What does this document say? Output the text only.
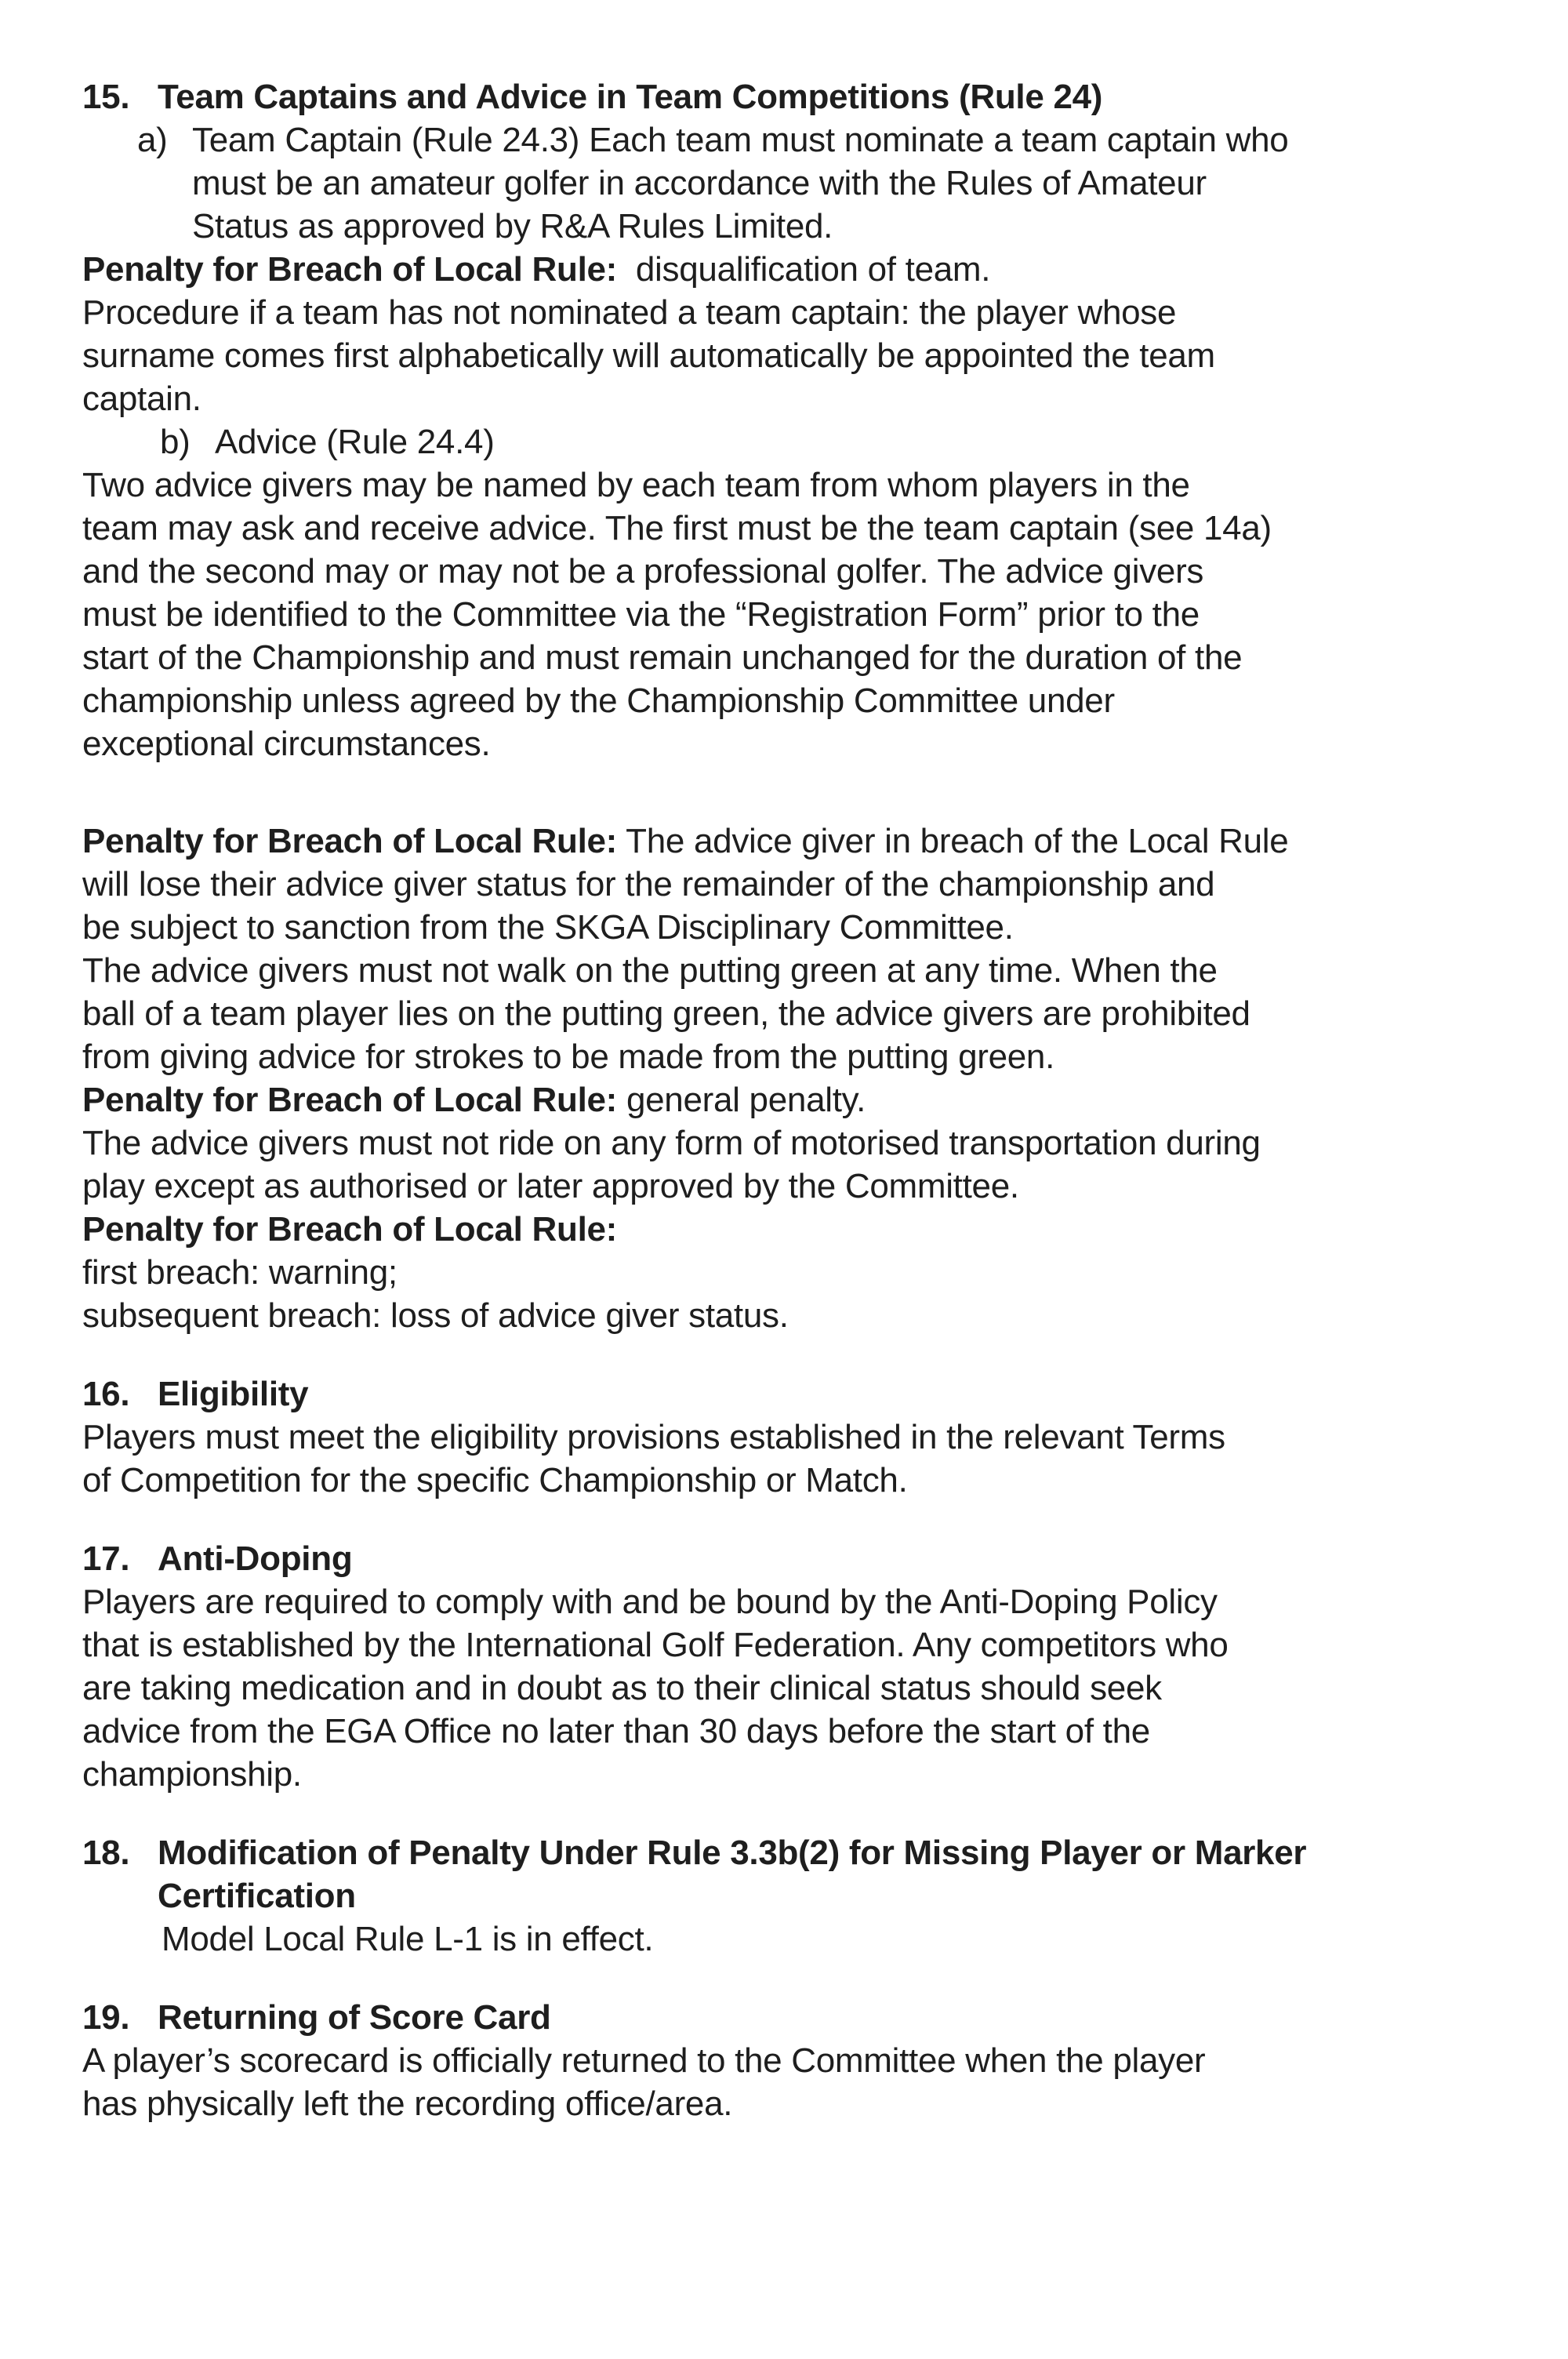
15. Team Captains and Advice in Team Competitions (Rule 24)
a) Team Captain (Rule 24.3) Each team must nominate a team captain who
must be an amateur golfer in accordance with the Rules of Amateur
Status as approved by R&A Rules Limited.
Penalty for Breach of Local Rule:  disqualification of team.
Procedure if a team has not nominated a team captain: the player whose
surname comes first alphabetically will automatically be appointed the team
captain.
b) Advice (Rule 24.4)
Two advice givers may be named by each team from whom players in the
team may ask and receive advice. The first must be the team captain (see 14a)
and the second may or may not be a professional golfer. The advice givers
must be identified to the Committee via the “Registration Form” prior to the
start of the Championship and must remain unchanged for the duration of the
championship unless agreed by the Championship Committee under
exceptional circumstances.
Penalty for Breach of Local Rule: The advice giver in breach of the Local Rule
will lose their advice giver status for the remainder of the championship and
be subject to sanction from the SKGA Disciplinary Committee.
The advice givers must not walk on the putting green at any time. When the
ball of a team player lies on the putting green, the advice givers are prohibited
from giving advice for strokes to be made from the putting green.
Penalty for Breach of Local Rule: general penalty.
The advice givers must not ride on any form of motorised transportation during
play except as authorised or later approved by the Committee.
Penalty for Breach of Local Rule:
first breach: warning;
subsequent breach: loss of advice giver status.
16. Eligibility
Players must meet the eligibility provisions established in the relevant Terms
of Competition for the specific Championship or Match.
17. Anti-Doping
Players are required to comply with and be bound by the Anti-Doping Policy
that is established by the International Golf Federation. Any competitors who
are taking medication and in doubt as to their clinical status should seek
advice from the EGA Office no later than 30 days before the start of the
championship.
18. Modification of Penalty Under Rule 3.3b(2) for Missing Player or Marker
Certification
Model Local Rule L-1 is in effect.
19. Returning of Score Card
A player’s scorecard is officially returned to the Committee when the player
has physically left the recording office/area.
